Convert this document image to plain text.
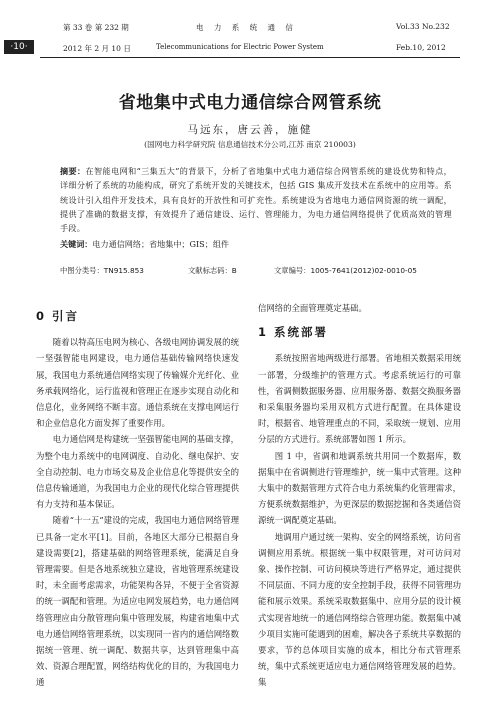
第 33 卷 第 232 期	电 力 系 统 通 信	Vol.33 No.232
·10·	2012 年 2 月 10 日	Telecommunications for Electric Power System	Feb.10, 2012
省地集中式电力通信综合网管系统
马远东，唐云善，施健
(国网电力科学研究院 信息通信技术分公司,江苏 南京 210003)
摘要：在智能电网和“三集五大”的背景下，分析了省地集中式电力通信综合网管系统的建设优势和特点，详细分析了系统的功能构成，研究了系统开发的关键技术，包括 GIS 集成开发技术在系统中的应用等。系统设计引入组件开发技术，具有良好的开放性和可扩充性。系统建设为省地电力通信网资源的统一调配，提供了准确的数据支撑，有效提升了通信建设、运行、管理能力，为电力通信网络提供了优质高效的管理手段。
关键词：电力通信网络；省地集中；GIS；组件
中图分类号：TN915.853	文献标志码：B	文章编号：1005-7641(2012)02-0010-05
0 引言

随着以特高压电网为核心、各级电网协调发展的统一坚强智能电网建设，电力通信基础传输网络快速发展，我国电力系统通信网络实现了传输媒介光纤化、业务承载网络化，运行监视和管理正在逐步实现自动化和信息化，业务网络不断丰富。通信系统在支撑电网运行和企业信息化方面发挥了重要作用。

电力通信网是构建统一坚强智能电网的基础支撑，为整个电力系统中的电网调度、自动化、继电保护、安全自动控制、电力市场交易及企业信息化等提供安全的信息传输通道，为我国电力企业的现代化综合管理提供有力支持和基本保证。

随着“十一五”建设的完成，我国电力通信网络管理已具备一定水平[1]。目前，各地区大部分已根据自身建设需要[2]，搭建基础的网络管理系统，能满足自身管理需要。但是各地系统独立建设，省地管理系统建设时，未全面考虑需求，功能架构各异，不便于全省资源的统一调配和管理。为适应电网发展趋势，电力通信网络管理应由分散管理向集中管理发展，构建省地集中式电力通信网络管理系统，以实现同一省内的通信网络数据统一管理、统一调配、数据共享，达到管理集中高效、资源合理配置，网络结构优化的目的，为我国电力通

信网络的全面管理奠定基础。

1 系统部署

系统按照省地两级进行部署。省地相关数据采用统一部署，分级维护的管理方式。考虑系统运行的可靠性，省调侧数据服务器、应用服务器、数据交换服务器和采集服务器均采用双机方式进行配置。在具体建设时，根据省、地管理重点的不同，采取统一规划、应用分层的方式进行。系统部署如图 1 所示。

图 1 中，省调和地调系统共用同一个数据库，数据集中在省调侧进行管理维护，统一集中式管理。这种大集中的数据管理方式符合电力系统集约化管理需求，方便系统数据维护，为更深层的数据挖掘和各类通信资源统一调配奠定基础。

地调用户通过统一架构、安全的网络系统，访问省调侧应用系统。根据统一集中权限管理，对可访问对象、操作控制、可访问模块等进行严格界定，通过提供不同层面、不同力度的安全控制手段，获得不同管理功能和展示效果。系统采取数据集中、应用分层的设计模式实现省地统一的通信网络综合管理功能。数据集中减少项目实施可能遇到的困难，解决各子系统共享数据的要求，节约总体项目实施的成本，相比分布式管理系统，集中式系统更适应电力通信网络管理发展的趋势。集
